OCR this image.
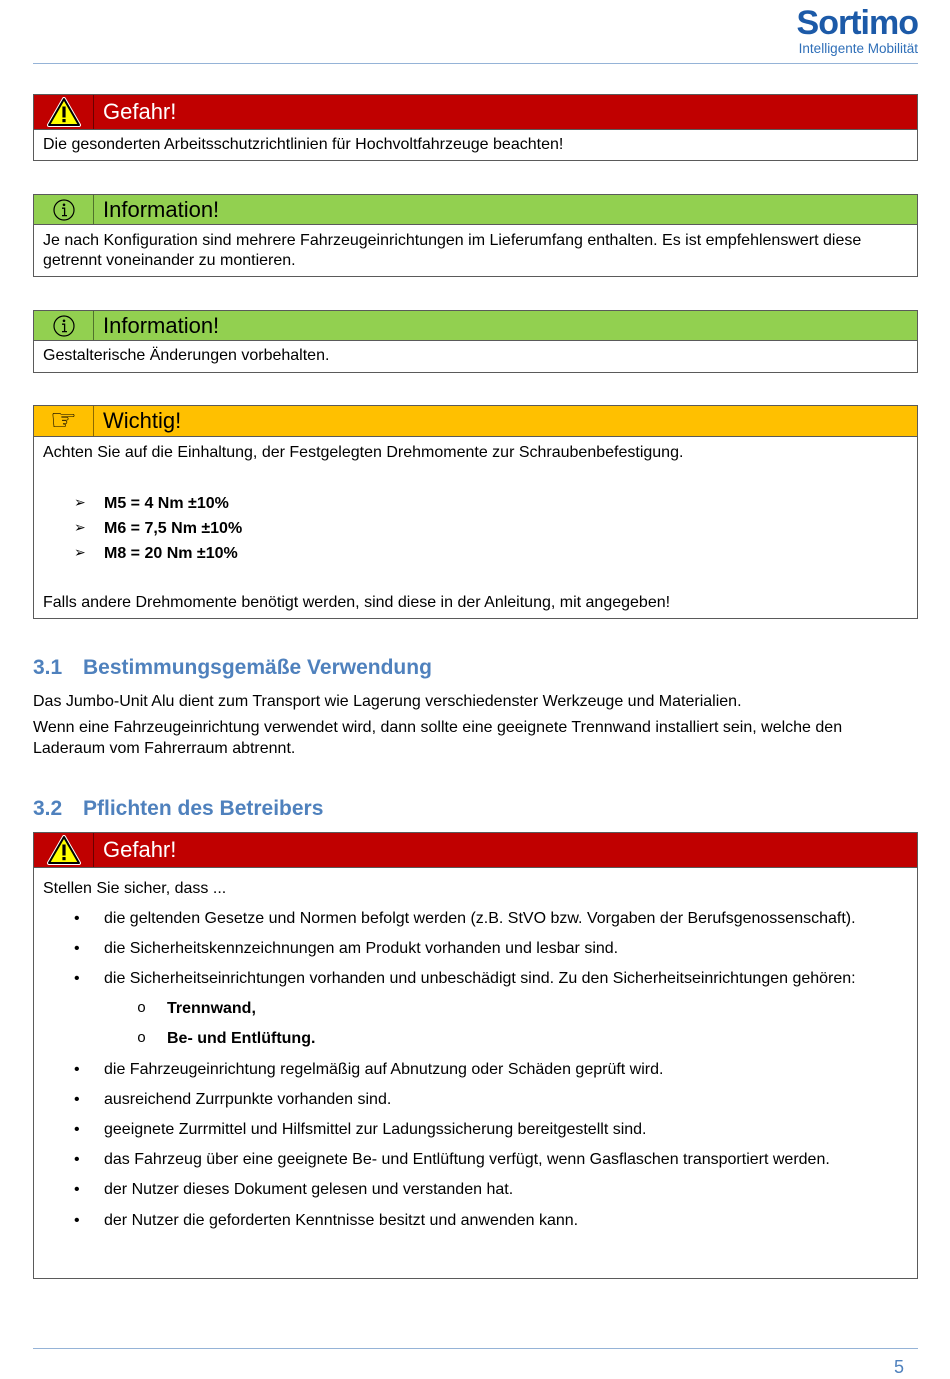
Sortimo
Intelligente Mobilität
Gefahr!
Die gesonderten Arbeitsschutzrichtlinien für Hochvoltfahrzeuge beachten!
Information!
Je nach Konfiguration sind mehrere Fahrzeugeinrichtungen im Lieferumfang enthalten. Es ist empfehlenswert diese getrennt voneinander zu montieren.
Information!
Gestalterische Änderungen vorbehalten.
☞
Wichtig!
Achten Sie auf die Einhaltung, der Festgelegten Drehmomente zur Schraubenbefestigung.
➢ M5 = 4 Nm ±10%
➢ M6 = 7,5 Nm ±10%
➢ M8 = 20 Nm ±10%
Falls andere Drehmomente benötigt werden, sind diese in der Anleitung, mit angegeben!
3.1 Bestimmungsgemäße Verwendung
Das Jumbo-Unit Alu dient zum Transport wie Lagerung verschiedenster Werkzeuge und Materialien.
Wenn eine Fahrzeugeinrichtung verwendet wird, dann sollte eine geeignete Trennwand installiert sein, welche den Laderaum vom Fahrerraum abtrennt.
3.2 Pflichten des Betreibers
Gefahr!
Stellen Sie sicher, dass ...
• die geltenden Gesetze und Normen befolgt werden (z.B. StVO bzw. Vorgaben der Berufsgenossenschaft).
• die Sicherheitskennzeichnungen am Produkt vorhanden und lesbar sind.
• die Sicherheitseinrichtungen vorhanden und unbeschädigt sind. Zu den Sicherheitseinrichtungen gehören:
o Trennwand,
o Be- und Entlüftung.
• die Fahrzeugeinrichtung regelmäßig auf Abnutzung oder Schäden geprüft wird.
• ausreichend Zurrpunkte vorhanden sind.
• geeignete Zurrmittel und Hilfsmittel zur Ladungssicherung bereitgestellt sind.
• das Fahrzeug über eine geeignete Be- und Entlüftung verfügt, wenn Gasflaschen transportiert werden.
• der Nutzer dieses Dokument gelesen und verstanden hat.
• der Nutzer die geforderten Kenntnisse besitzt und anwenden kann.
5
